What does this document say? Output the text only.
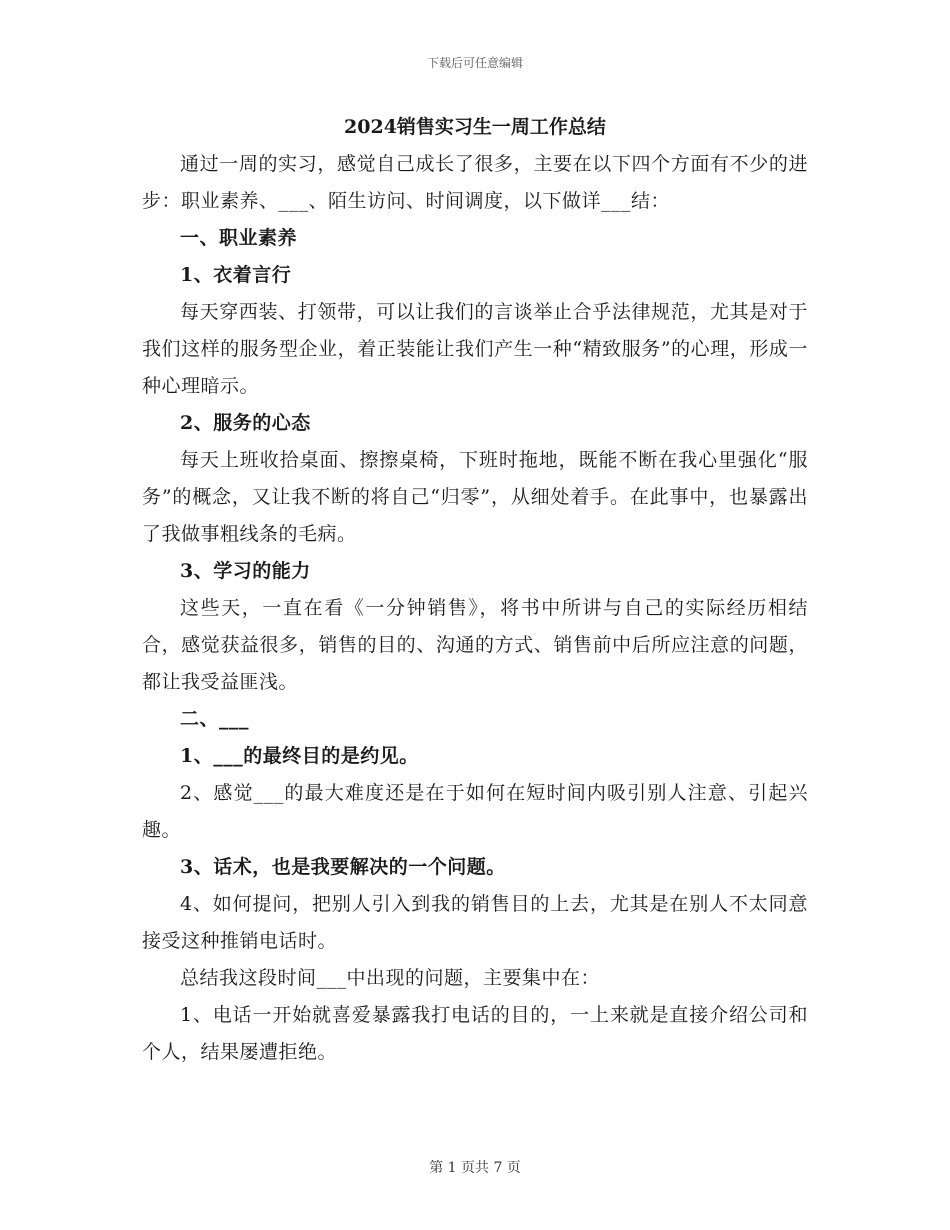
下载后可任意编辑
2024销售实习生一周工作总结

通过一周的实习，感觉自己成长了很多，主要在以下四个方面有不少的进步：职业素养、___、陌生访问、时间调度，以下做详___结：

一、职业素养

1、衣着言行

每天穿西装、打领带，可以让我们的言谈举止合乎法律规范，尤其是对于我们这样的服务型企业，着正装能让我们产生一种“精致服务”的心理，形成一种心理暗示。

2、服务的心态

每天上班收拾桌面、擦擦桌椅，下班时拖地，既能不断在我心里强化“服务”的概念，又让我不断的将自己“归零”，从细处着手。在此事中，也暴露出了我做事粗线条的毛病。

3、学习的能力

这些天，一直在看《一分钟销售》，将书中所讲与自己的实际经历相结合，感觉获益很多，销售的目的、沟通的方式、销售前中后所应注意的问题，都让我受益匪浅。

二、___

1、___的最终目的是约见。

2、感觉___的最大难度还是在于如何在短时间内吸引别人注意、引起兴趣。

3、话术，也是我要解决的一个问题。

4、如何提问，把别人引入到我的销售目的上去，尤其是在别人不太同意接受这种推销电话时。

总结我这段时间___中出现的问题，主要集中在：

1、电话一开始就喜爱暴露我打电话的目的，一上来就是直接介绍公司和个人，结果屡遭拒绝。

第 1 页共 7 页
